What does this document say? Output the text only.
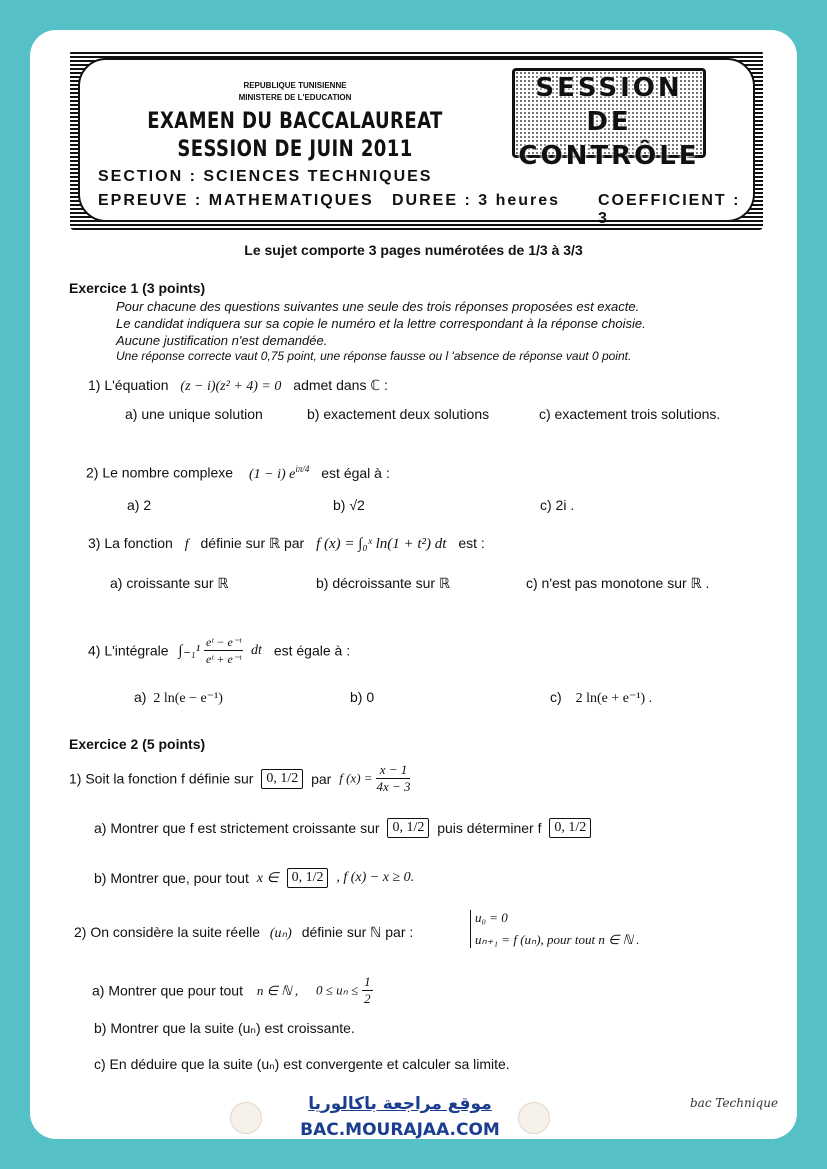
REPUBLIQUE TUNISIENNE
MINISTERE DE L'EDUCATION
EXAMEN DU BACCALAUREAT
SESSION DE JUIN 2011
SESSION
DE CONTRÔLE
SECTION : SCIENCES TECHNIQUES
EPREUVE : MATHEMATIQUES DUREE : 3 heures COEFFICIENT : 3
Le sujet comporte 3 pages numérotées de 1/3 à 3/3
Exercice 1 (3 points)
Pour chacune des questions suivantes une seule des trois réponses proposées est exacte.
Le candidat indiquera sur sa copie le numéro et la lettre correspondant à la réponse choisie.
Aucune justification n'est demandée.
Une réponse correcte vaut 0,75 point, une réponse fausse ou l 'absence de réponse vaut 0 point.
1) L'équation (z − i)(z² + 4) = 0 admet dans ℂ :
a) une unique solution	b) exactement deux solutions	c) exactement trois solutions.
2) Le nombre complexe (1 − i) $e^{i\pi/4}$ est égal à :
a) 2	b) √2	c) 2i .
3) La fonction f définie sur ℝ par f (x) = ∫₀ˣ ln(1 + t²) dt est :
a) croissante sur ℝ	b) décroissante sur ℝ	c) n'est pas monotone sur ℝ .
4) L'intégrale $\int_{-1}^1 \frac{\text{eᵗ − e⁻ᵗ}}{\text{eᵗ + e⁻ᵗ}}$ dt est égale à :
a) 2 ln(e − e⁻¹)	b) 0	c) 2 ln(e + e⁻¹) .
Exercice 2 (5 points)
1) Soit la fonction f définie sur 0, 1/2 par f $(x) = \frac{x - 1}{4x - 3}$
a) Montrer que f est strictement croissante sur 0, 1/2 puis déterminer f 0, 1/2
b) Montrer que, pour tout x ∈ 0, 1/2 , f (x) − x ≥ 0.
2) On considère la suite réelle (uₙ) définie sur ℕ par :
u₀ = 0
uₙ₊₁ = f (uₙ), pour tout n ∈ ℕ .
a) Montrer que pour tout n ∈ ℕ , $0 \le u_n \le \frac{1}{2}$
b) Montrer que la suite (uₙ) est croissante.
c) En déduire que la suite (uₙ) est convergente et calculer sa limite.
موقع مراجعة باكالوريا
BAC.MOURAJAA.COM
bac Technique
